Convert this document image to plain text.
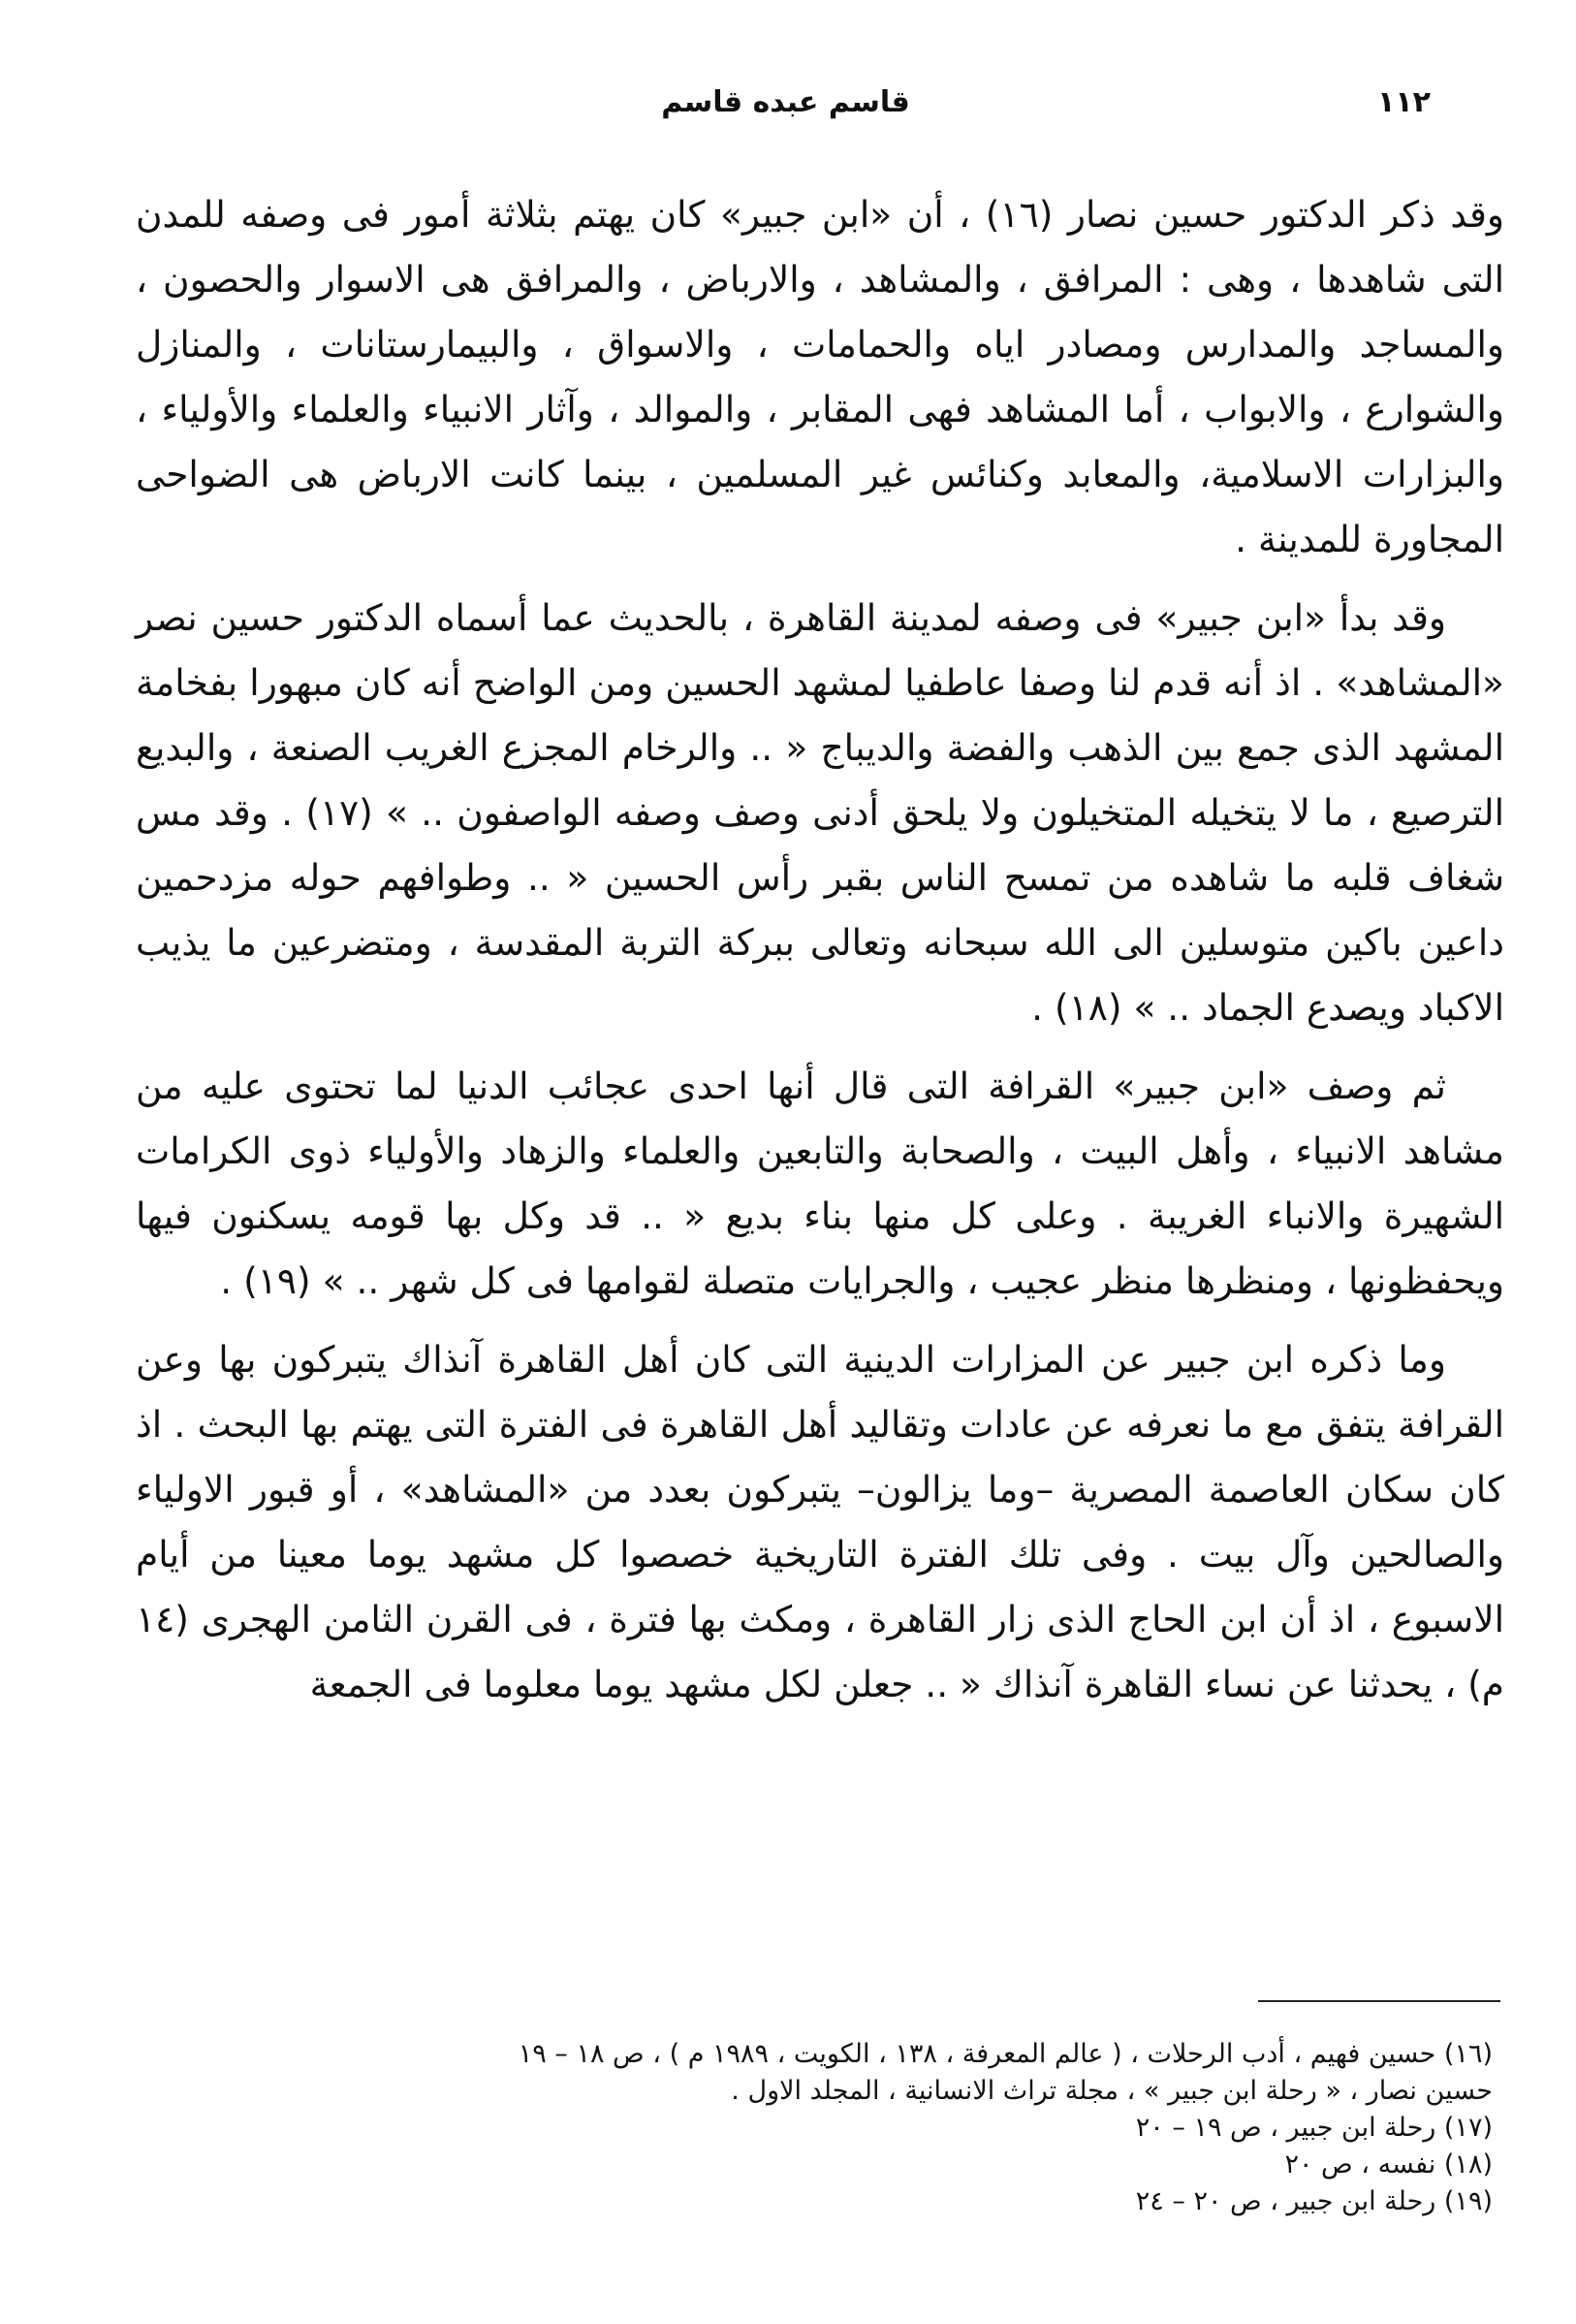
١١٢
قاسم عبده قاسم

وقد ذكر الدكتور حسين نصار (١٦) ، أن «ابن جبير» كان يهتم بثلاثة أمور فى وصفه للمدن التى شاهدها ، وهى : المرافق ، والمشاهد ، والارباض ، والمرافق هى الاسوار والحصون ، والمساجد والمدارس ومصادر اياه والحمامات ، والاسواق ، والبيمارستانات ، والمنازل والشوارع ، والابواب ، أما المشاهد فهى المقابر ، والموالد ، وآثار الانبياء والعلماء والأولياء ، والبزارات الاسلامية، والمعابد وكنائس غير المسلمين ، بينما كانت الارباض هى الضواحى المجاورة للمدينة .

وقد بدأ «ابن جبير» فى وصفه لمدينة القاهرة ، بالحديث عما أسماه الدكتور حسين نصر «المشاهد» . اذ أنه قدم لنا وصفا عاطفيا لمشهد الحسين ومن الواضح أنه كان مبهورا بفخامة المشهد الذى جمع بين الذهب والفضة والديباج « .. والرخام المجزع الغريب الصنعة ، والبديع الترصيع ، ما لا يتخيله المتخيلون ولا يلحق أدنى وصف وصفه الواصفون .. » (١٧) . وقد مس شغاف قلبه ما شاهده من تمسح الناس بقبر رأس الحسين « .. وطوافهم حوله مزدحمين داعين باكين متوسلين الى الله سبحانه وتعالى ببركة التربة المقدسة ، ومتضرعين ما يذيب الاكباد ويصدع الجماد .. » (١٨) .

ثم وصف «ابن جبير» القرافة التى قال أنها احدى عجائب الدنيا لما تحتوى عليه من مشاهد الانبياء ، وأهل البيت ، والصحابة والتابعين والعلماء والزهاد والأولياء ذوى الكرامات الشهيرة والانباء الغريبة . وعلى كل منها بناء بديع « .. قد وكل بها قومه يسكنون فيها ويحفظونها ، ومنظرها منظر عجيب ، والجرايات متصلة لقوامها فى كل شهر .. » (١٩) .

وما ذكره ابن جبير عن المزارات الدينية التى كان أهل القاهرة آنذاك يتبركون بها وعن القرافة يتفق مع ما نعرفه عن عادات وتقاليد أهل القاهرة فى الفترة التى يهتم بها البحث . اذ كان سكان العاصمة المصرية –وما يزالون– يتبركون بعدد من «المشاهد» ، أو قبور الاولياء والصالحين وآل بيت . وفى تلك الفترة التاريخية خصصوا كل مشهد يوما معينا من أيام الاسبوع ، اذ أن ابن الحاج الذى زار القاهرة ، ومكث بها فترة ، فى القرن الثامن الهجرى (١٤ م) ، يحدثنا عن نساء القاهرة آنذاك « .. جعلن لكل مشهد يوما معلوما فى الجمعة

(١٦) حسين فهيم ، أدب الرحلات ، ( عالم المعرفة ، ١٣٨ ، الكويت ، ١٩٨٩ م ) ، ص ١٨ – ١٩
حسين نصار ، « رحلة ابن جبير » ، مجلة تراث الانسانية ، المجلد الاول .

(١٧) رحلة ابن جبير ، ص ١٩ – ٢٠

(١٨) نفسه ، ص ٢٠

(١٩) رحلة ابن جبير ، ص ٢٠ – ٢٤
